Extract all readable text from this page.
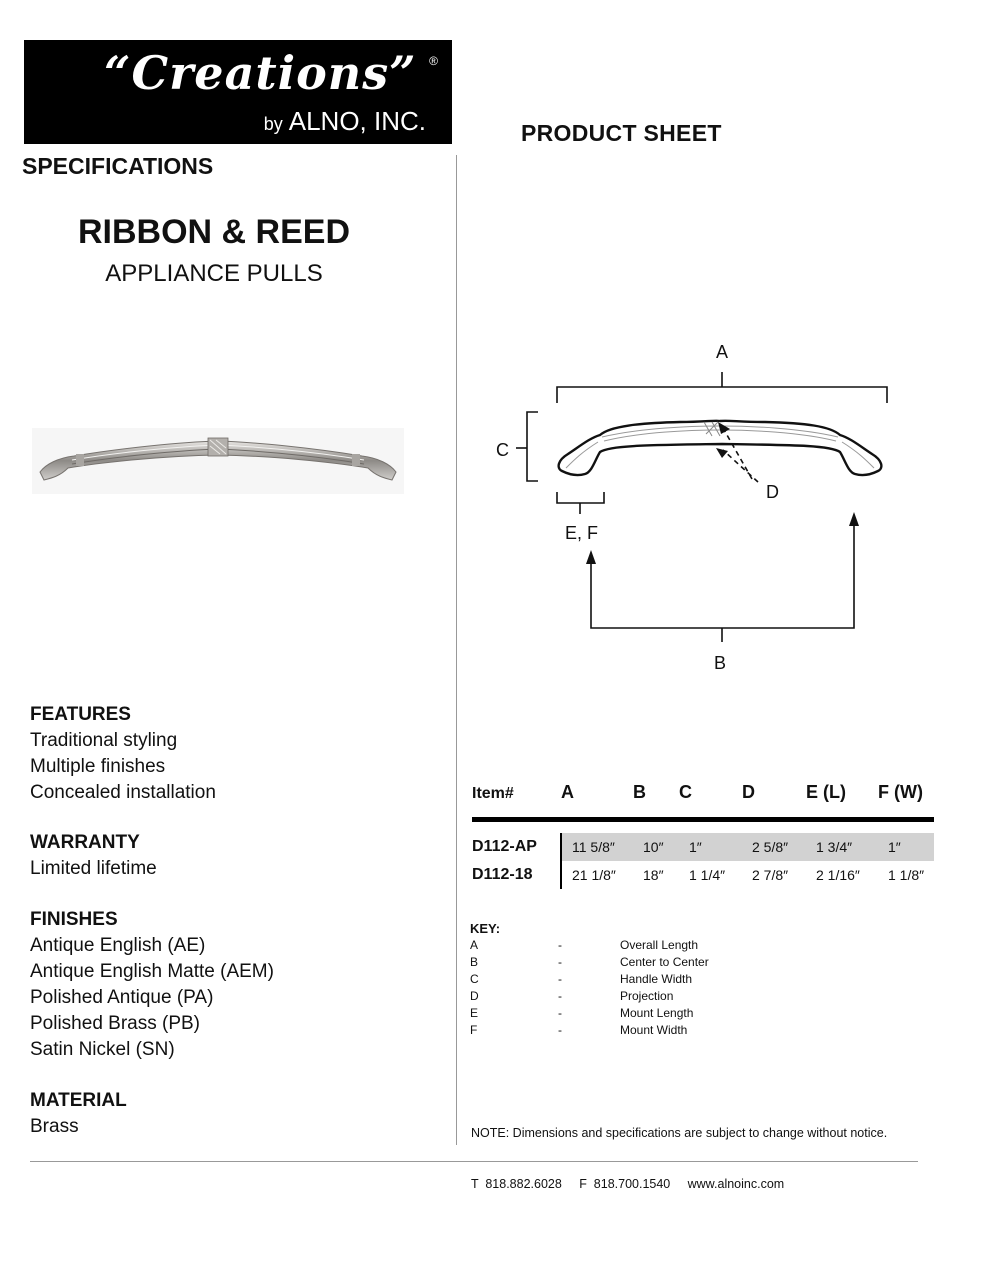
“Creations” ®
by ALNO, INC.	PRODUCT SHEET
SPECIFICATIONS
RIBBON & REED
APPLIANCE PULLS
FEATURES
Traditional styling
Multiple finishes
Concealed installation
WARRANTY
Limited lifetime
FINISHES
Antique English (AE)
Antique English Matte (AEM)
Polished Antique (PA)
Polished Brass (PB)
Satin Nickel (SN)
MATERIAL
Brass
A
C
D
E, F
B
Item#	A	B	C	D	E (L)	F (W)

D112-AP	11 5/8″	10″	1″	2 5/8″	1 3/4″	1″
D112-18	21 1/8″	18″	1 1/4″	2 7/8″	2 1/16″	1 1/8″
KEY:
A	-	Overall Length
B	-	Center to Center
C	-	Handle Width
D	-	Projection
E	-	Mount Length
F	-	Mount Width
NOTE: Dimensions and specifications are subject to change without notice.
T  818.882.6028 F  818.700.1540 www.alnoinc.com
